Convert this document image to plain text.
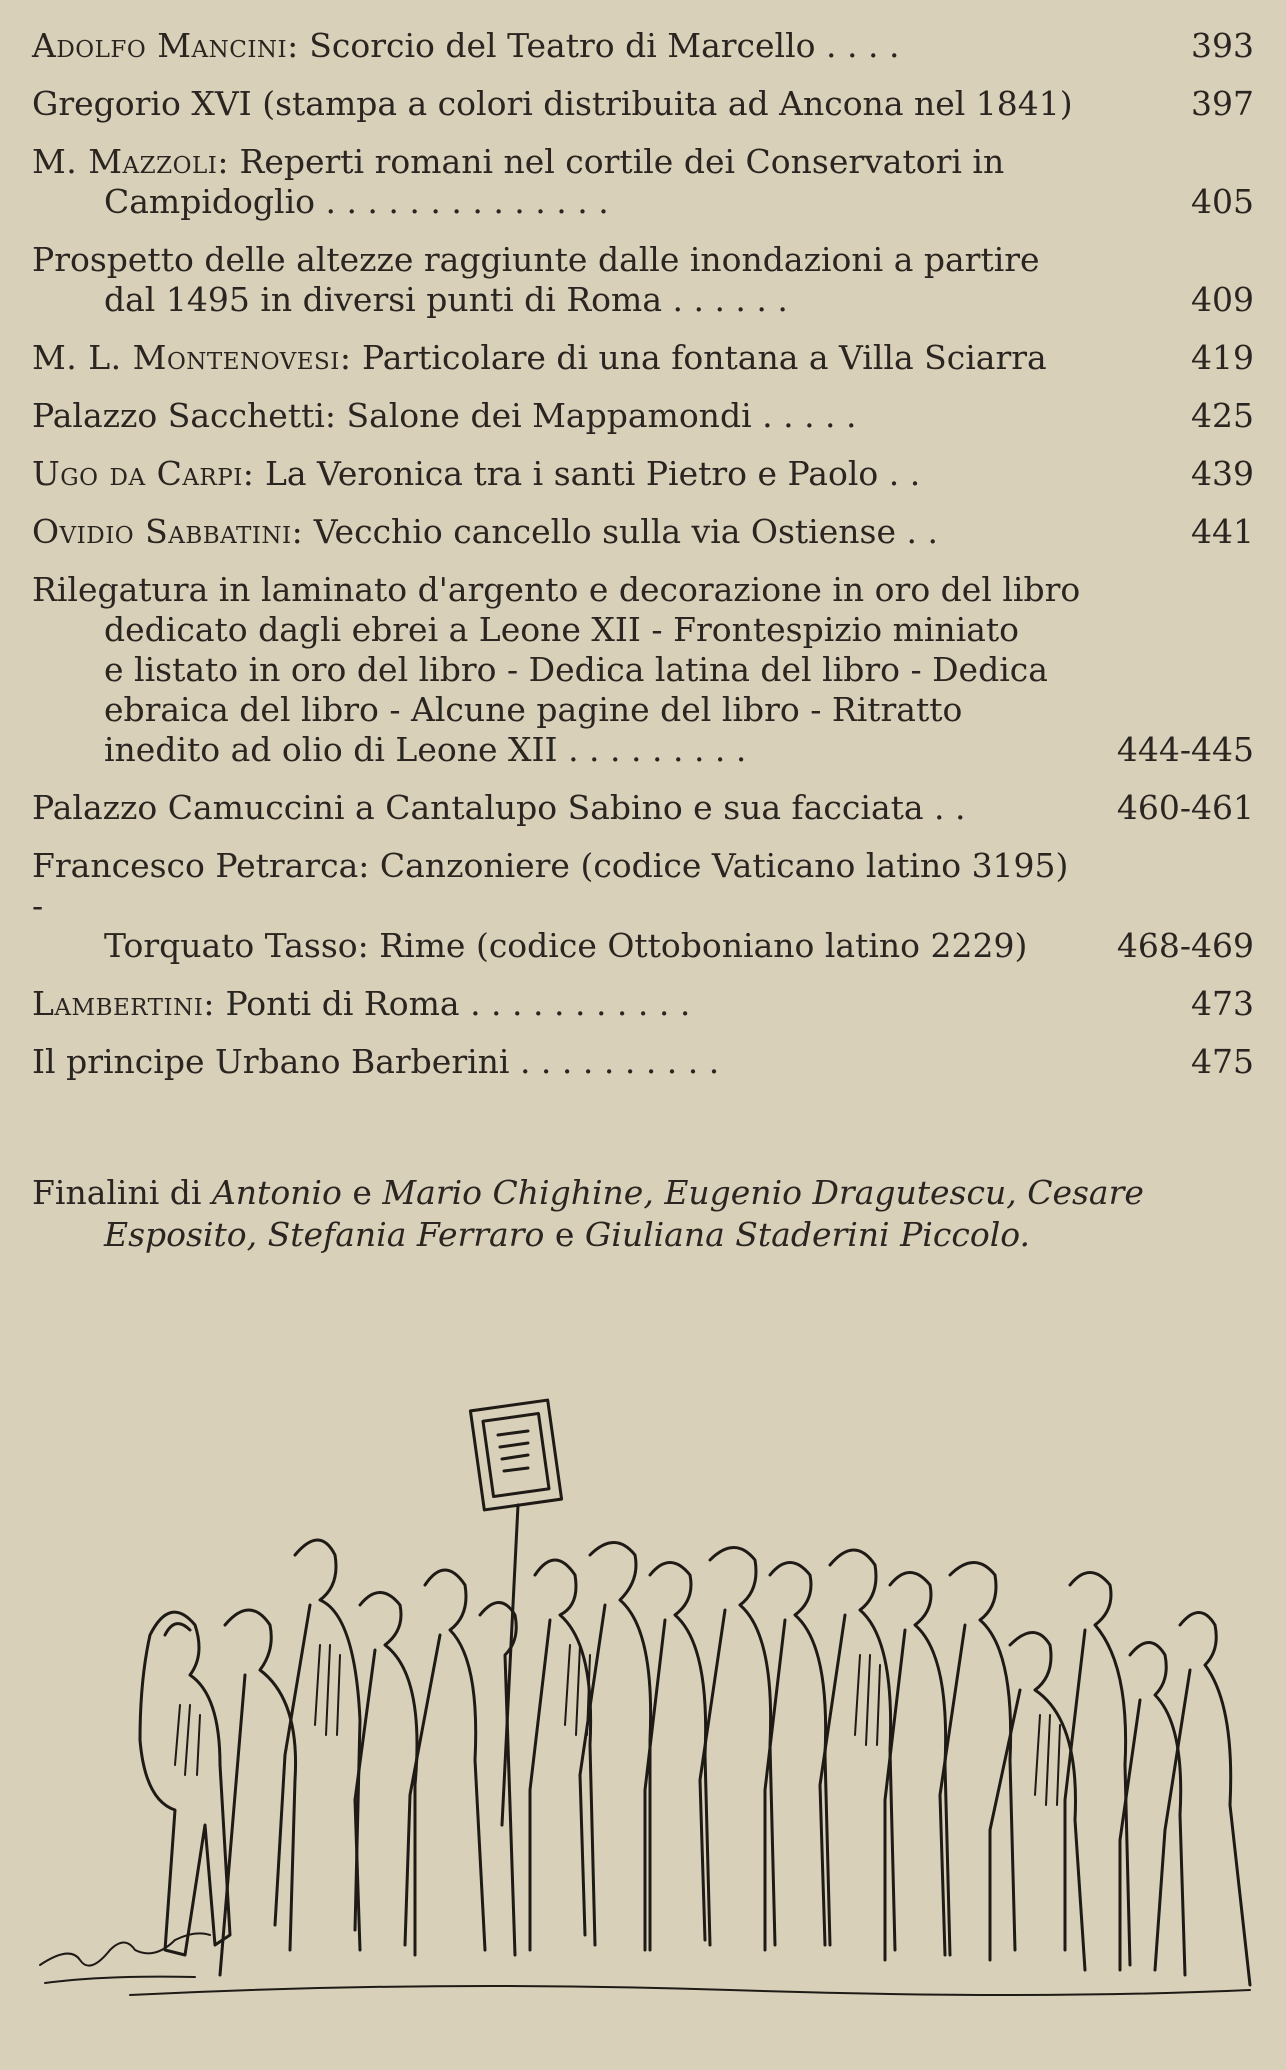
Adolfo Mancini: Scorcio del Teatro di Marcello . . . .	393
Gregorio XVI (stampa a colori distribuita ad Ancona nel 1841)	397
M. Mazzoli: Reperti romani nel cortile dei Conservatori in
Campidoglio . . . . . . . . . . . . . .	405
Prospetto delle altezze raggiunte dalle inondazioni a partire
dal 1495 in diversi punti di Roma . . . . . .	409
M. L. Montenovesi: Particolare di una fontana a Villa Sciarra	419
Palazzo Sacchetti: Salone dei Mappamondi . . . . .	425
Ugo da Carpi: La Veronica tra i santi Pietro e Paolo . .	439
Ovidio Sabbatini: Vecchio cancello sulla via Ostiense . .	441
Rilegatura in laminato d'argento e decorazione in oro del libro
dedicato dagli ebrei a Leone XII - Frontespizio miniato
e listato in oro del libro - Dedica latina del libro - Dedica
ebraica del libro - Alcune pagine del libro - Ritratto
inedito ad olio di Leone XII . . . . . . . . .	444-445
Palazzo Camuccini a Cantalupo Sabino e sua facciata . .	460-461
Francesco Petrarca: Canzoniere (codice Vaticano latino 3195) -
Torquato Tasso: Rime (codice Ottoboniano latino 2229)	468-469
Lambertini: Ponti di Roma . . . . . . . . . . .	473
Il principe Urbano Barberini . . . . . . . . . .	475
Finalini di Antonio e Mario Chighine, Eugenio Dragutescu, Cesare
Esposito, Stefania Ferraro e Giuliana Staderini Piccolo.
